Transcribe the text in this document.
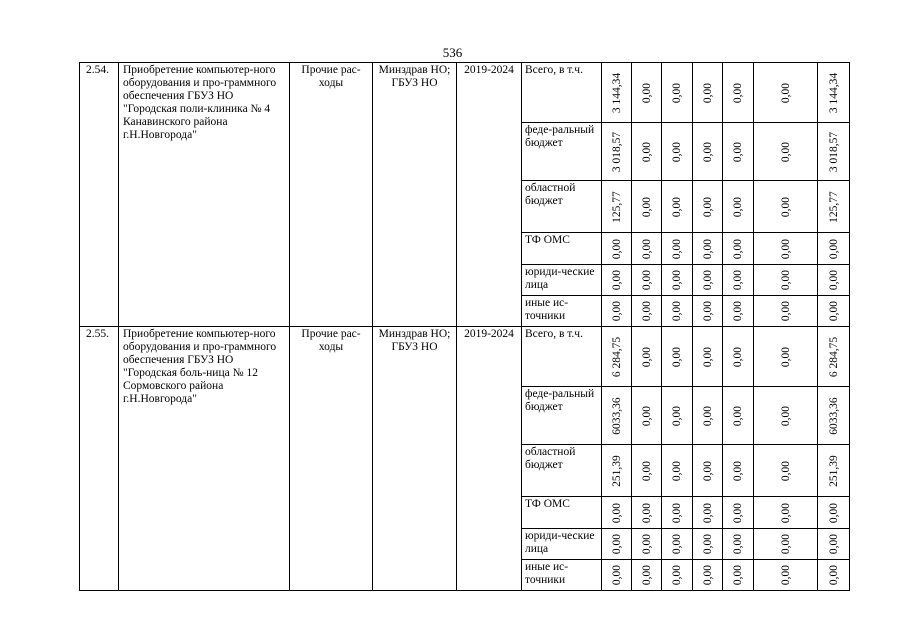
536
2.54.	Приобретение компьютер-ного оборудования и про-граммного обеспечения ГБУЗ НО "Городская поли-клиника № 4 Канавинского района г.Н.Новгорода"	Прочие рас-ходы	Минздрав НО; ГБУЗ НО	2019-2024	Всего, в т.ч.	3 144,34	0,00	0,00	0,00	0,00	0,00	3 144,34

					феде-ральный бюджет	3 018,57	0,00	0,00	0,00	0,00	0,00	3 018,57

					областной бюджет	125,77	0,00	0,00	0,00	0,00	0,00	125,77

					ТФ ОМС	0,00	0,00	0,00	0,00	0,00	0,00	0,00

					юриди-ческие лица	0,00	0,00	0,00	0,00	0,00	0,00	0,00

					иные ис-точники	0,00	0,00	0,00	0,00	0,00	0,00	0,00

2.55.	Приобретение компьютер-ного оборудования и про-граммного обеспечения ГБУЗ НО "Городская боль-ница № 12 Сормовского района г.Н.Новгорода"	Прочие рас-ходы	Минздрав НО; ГБУЗ НО	2019-2024	Всего, в т.ч.	6 284,75	0,00	0,00	0,00	0,00	0,00	6 284,75

					феде-ральный бюджет	6033,36	0,00	0,00	0,00	0,00	0,00	6033,36

					областной бюджет	251,39	0,00	0,00	0,00	0,00	0,00	251,39

					ТФ ОМС	0,00	0,00	0,00	0,00	0,00	0,00	0,00

					юриди-ческие лица	0,00	0,00	0,00	0,00	0,00	0,00	0,00

					иные ис-точники	0,00	0,00	0,00	0,00	0,00	0,00	0,00
